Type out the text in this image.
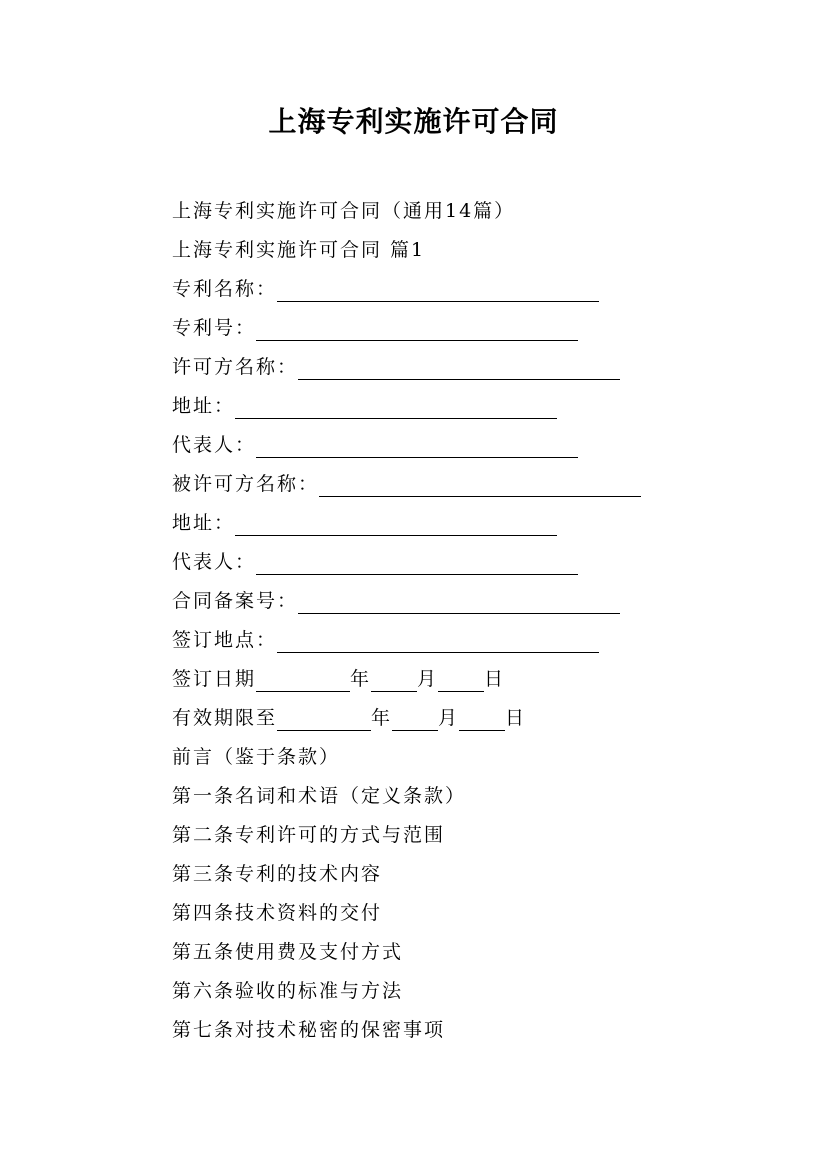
上海专利实施许可合同
上海专利实施许可合同（通用14篇）
上海专利实施许可合同 篇1
专利名称：
专利号：
许可方名称：
地址：
代表人：
被许可方名称：
地址：
代表人：
合同备案号：
签订地点：
签订日期	年 月 日
有效期限至	年 月 日
前言（鉴于条款）
第一条名词和术语（定义条款）
第二条专利许可的方式与范围
第三条专利的技术内容
第四条技术资料的交付
第五条使用费及支付方式
第六条验收的标准与方法
第七条对技术秘密的保密事项
